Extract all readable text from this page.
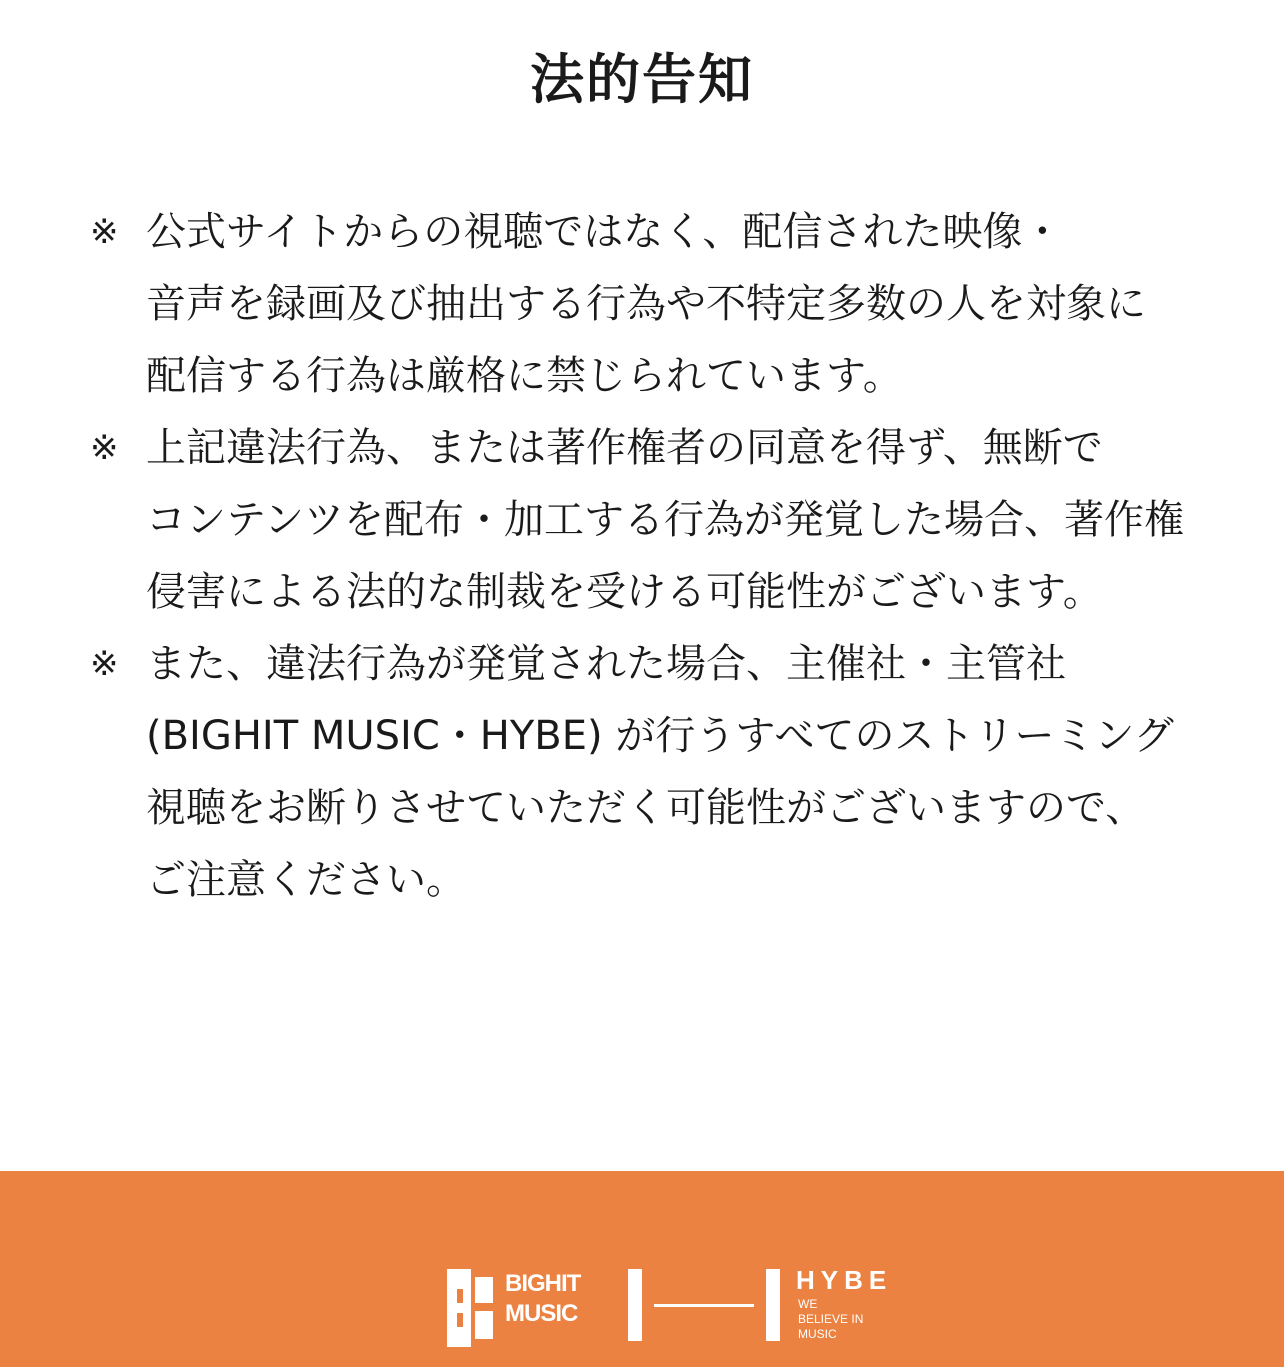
法的告知
※ 公式サイトからの視聴ではなく、配信された映像・
音声を録画及び抽出する行為や不特定多数の人を対象に
配信する行為は厳格に禁じられています。
※ 上記違法行為、または著作権者の同意を得ず、無断で
コンテンツを配布・加工する行為が発覚した場合、著作権
侵害による法的な制裁を受ける可能性がございます。
※ また、違法行為が発覚された場合、主催社・主管社
(BIGHIT MUSIC・HYBE) が行うすべてのストリーミング
視聴をお断りさせていただく可能性がございますので、
ご注意ください。
BIGHIT
MUSIC
HYBE
WE
BELIEVE IN
MUSIC
